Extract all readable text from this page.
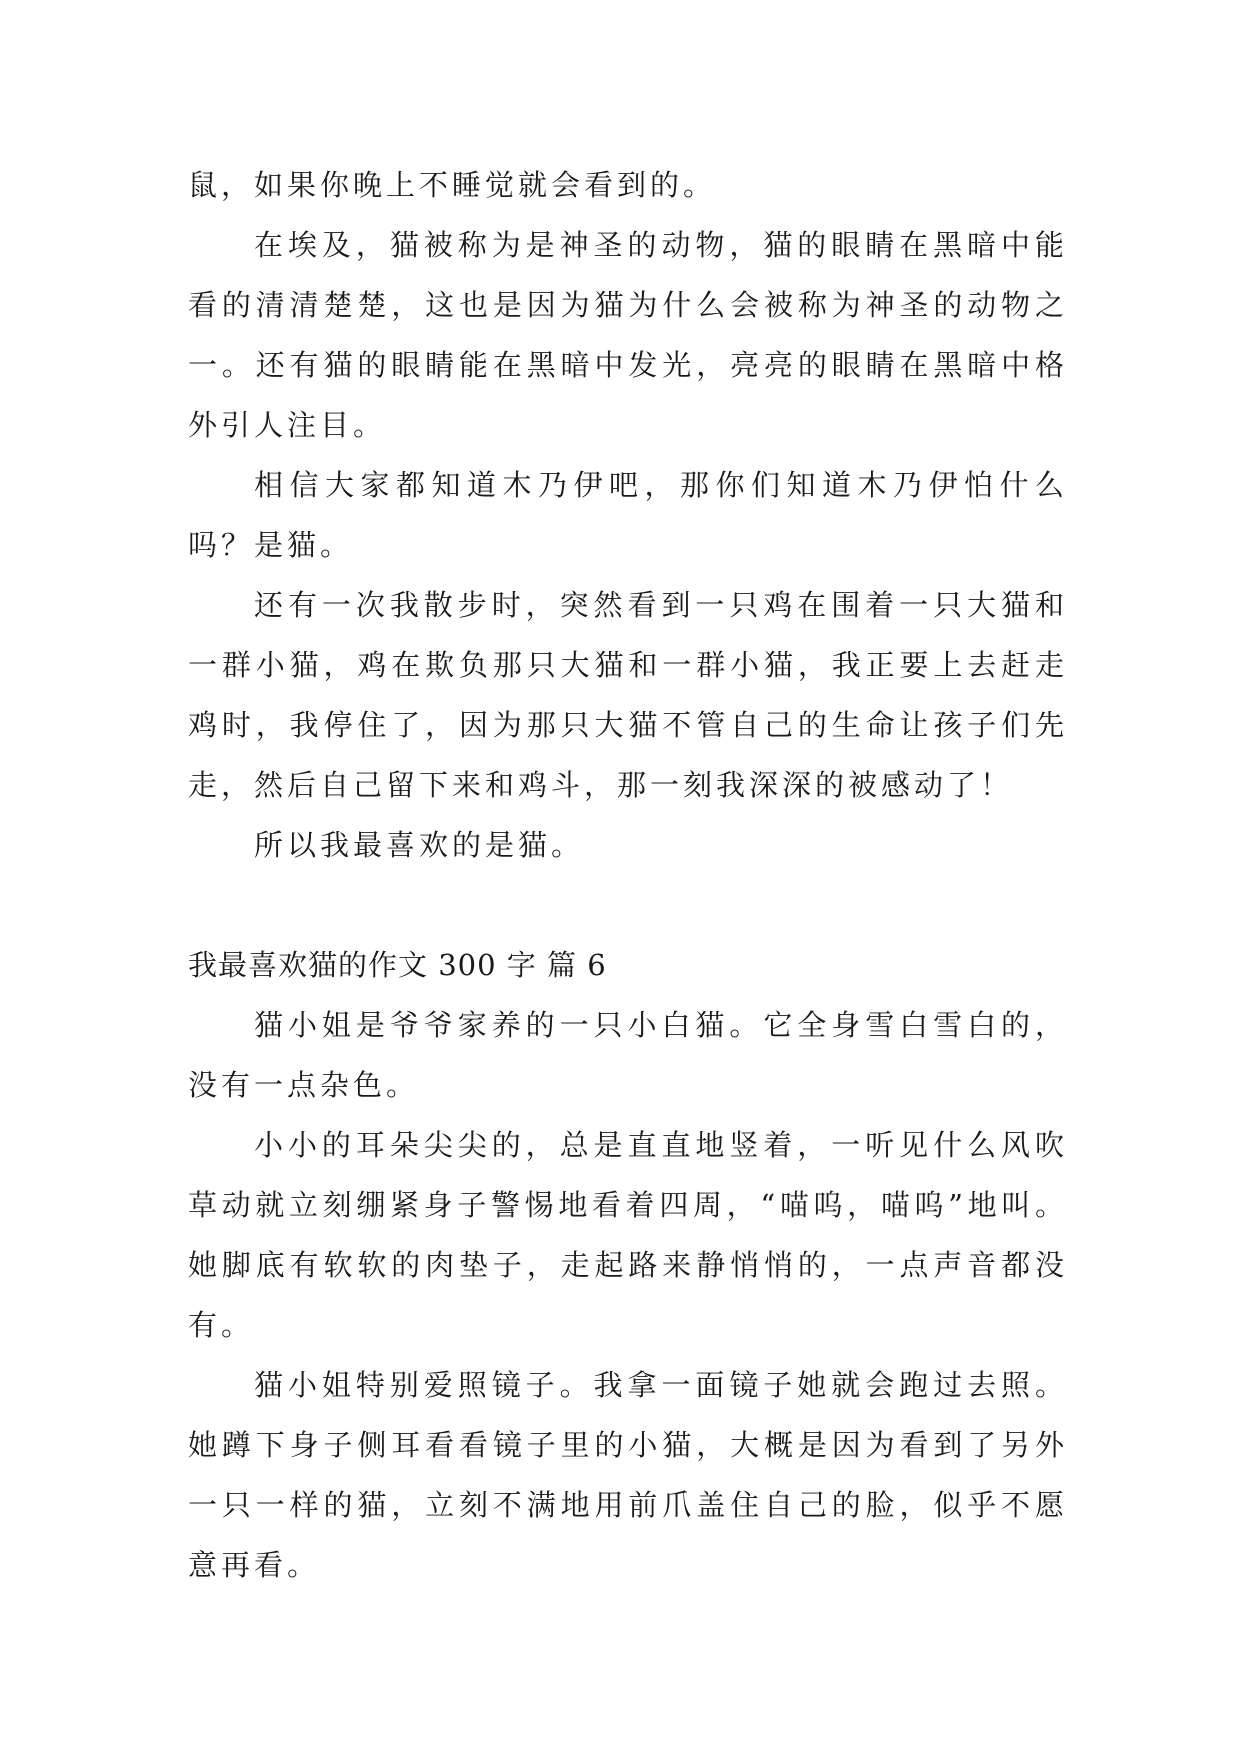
鼠，如果你晚上不睡觉就会看到的。

在埃及，猫被称为是神圣的动物，猫的眼睛在黑暗中能看的清清楚楚，这也是因为猫为什么会被称为神圣的动物之一。还有猫的眼睛能在黑暗中发光，亮亮的眼睛在黑暗中格外引人注目。

相信大家都知道木乃伊吧，那你们知道木乃伊怕什么吗？是猫。

还有一次我散步时，突然看到一只鸡在围着一只大猫和一群小猫，鸡在欺负那只大猫和一群小猫，我正要上去赶走鸡时，我停住了，因为那只大猫不管自己的生命让孩子们先走，然后自己留下来和鸡斗，那一刻我深深的被感动了！

所以我最喜欢的是猫。

我最喜欢猫的作文 300 字 篇 6

猫小姐是爷爷家养的一只小白猫。它全身雪白雪白的，没有一点杂色。

小小的耳朵尖尖的，总是直直地竖着，一听见什么风吹草动就立刻绷紧身子警惕地看着四周，“喵呜，喵呜”地叫。她脚底有软软的肉垫子，走起路来静悄悄的，一点声音都没有。

猫小姐特别爱照镜子。我拿一面镜子她就会跑过去照。她蹲下身子侧耳看看镜子里的小猫，大概是因为看到了另外一只一样的猫，立刻不满地用前爪盖住自己的脸，似乎不愿意再看。
